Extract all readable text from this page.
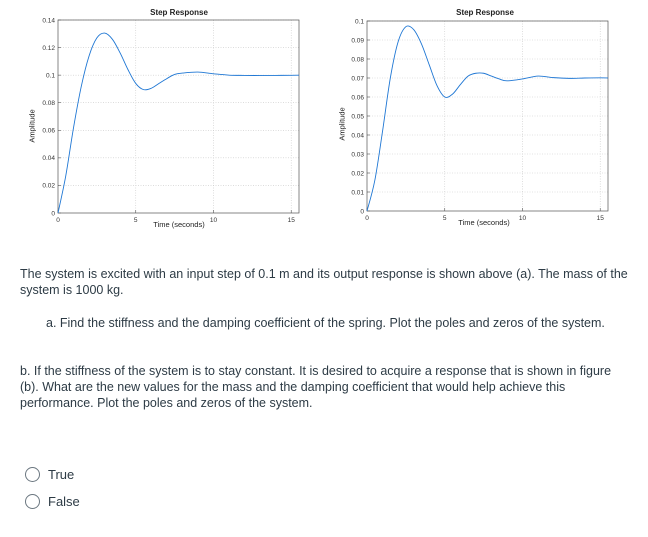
Step Response
Amplitude
Time (seconds)
0
0.02
0.04
0.06
0.08
0.1
0.12
0.14
0	5	10	15
Step Response
Amplitude
Time (seconds)
0
0.01
0.02
0.03
0.04
0.05
0.06
0.07
0.08
0.09
0.1
0	5	10	15
The system is excited with an input step of 0.1 m and its output response is shown above (a). The mass of the system is 1000 kg.
a. Find the stiffness and the damping coefficient of the spring. Plot the poles and zeros of the system.
b. If the stiffness of the system is to stay constant. It is desired to acquire a response that is shown in figure (b). What are the new values for the mass and the damping coefficient that would help achieve this performance. Plot the poles and zeros of the system.
True
False
